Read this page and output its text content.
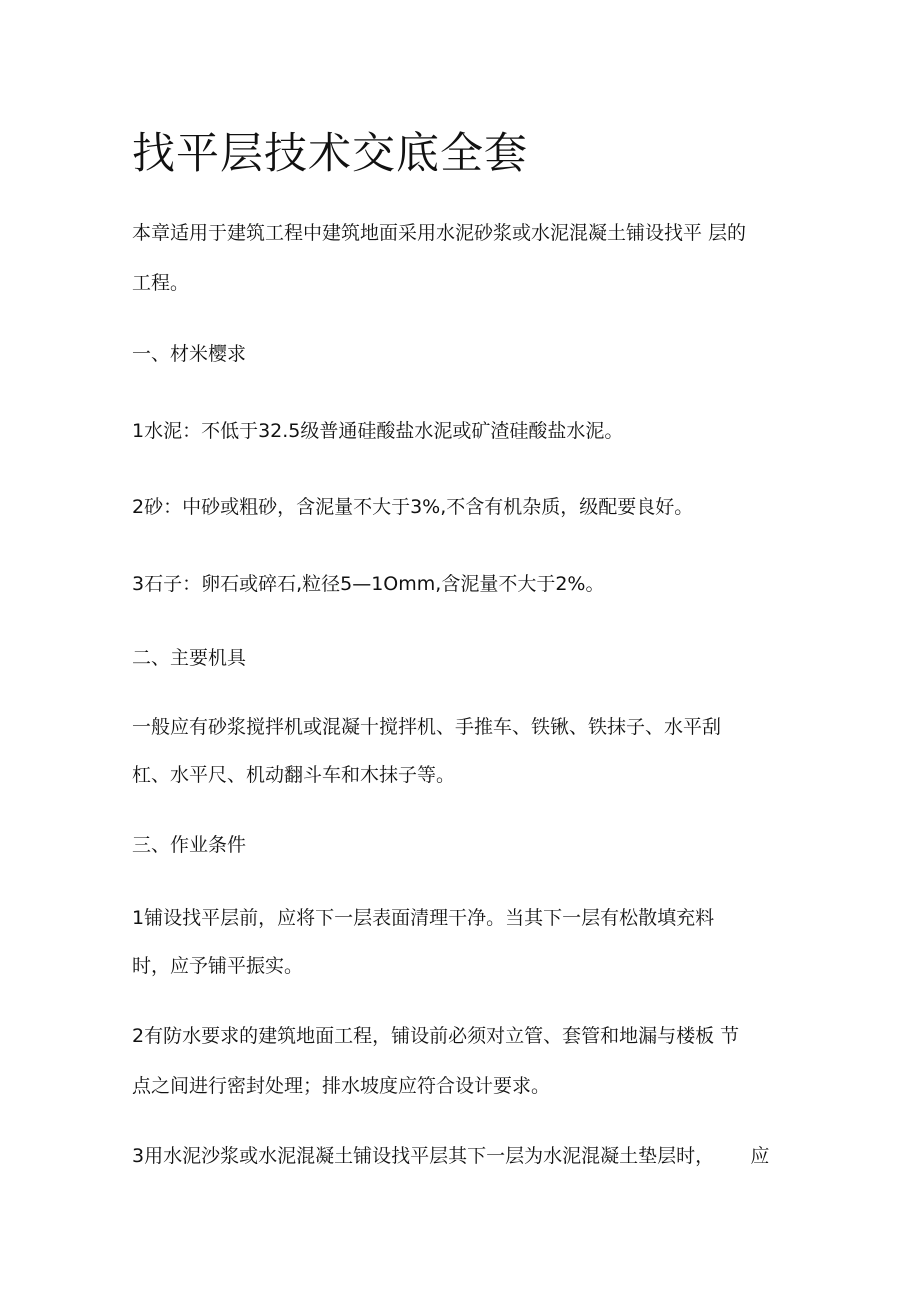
找平层技术交底全套

本章适用于建筑工程中建筑地面采用水泥砂浆或水泥混凝土铺设找平 层的

工程。

一、材米樱求

1水泥：不低于32.5级普通硅酸盐水泥或矿渣硅酸盐水泥。

2砂：中砂或粗砂，含泥量不大于3%,不含有机杂质，级配要良好。

3石子：卵石或碎石,粒径5—1Omm,含泥量不大于2%。

二、主要机具

一般应有砂浆搅拌机或混凝十搅拌机、手推车、铁锹、铁抹子、水平刮

杠、水平尺、机动翻斗车和木抹子等。

三、作业条件

1铺设找平层前，应将下一层表面清理干净。当其下一层有松散填充料

时，应予铺平振实。

2有防水要求的建筑地面工程，铺设前必须对立管、套管和地漏与楼板 节

点之间进行密封处理；排水坡度应符合设计要求。

3用水泥沙浆或水泥混凝土铺设找平层其下一层为水泥混凝土垫层时，      应
